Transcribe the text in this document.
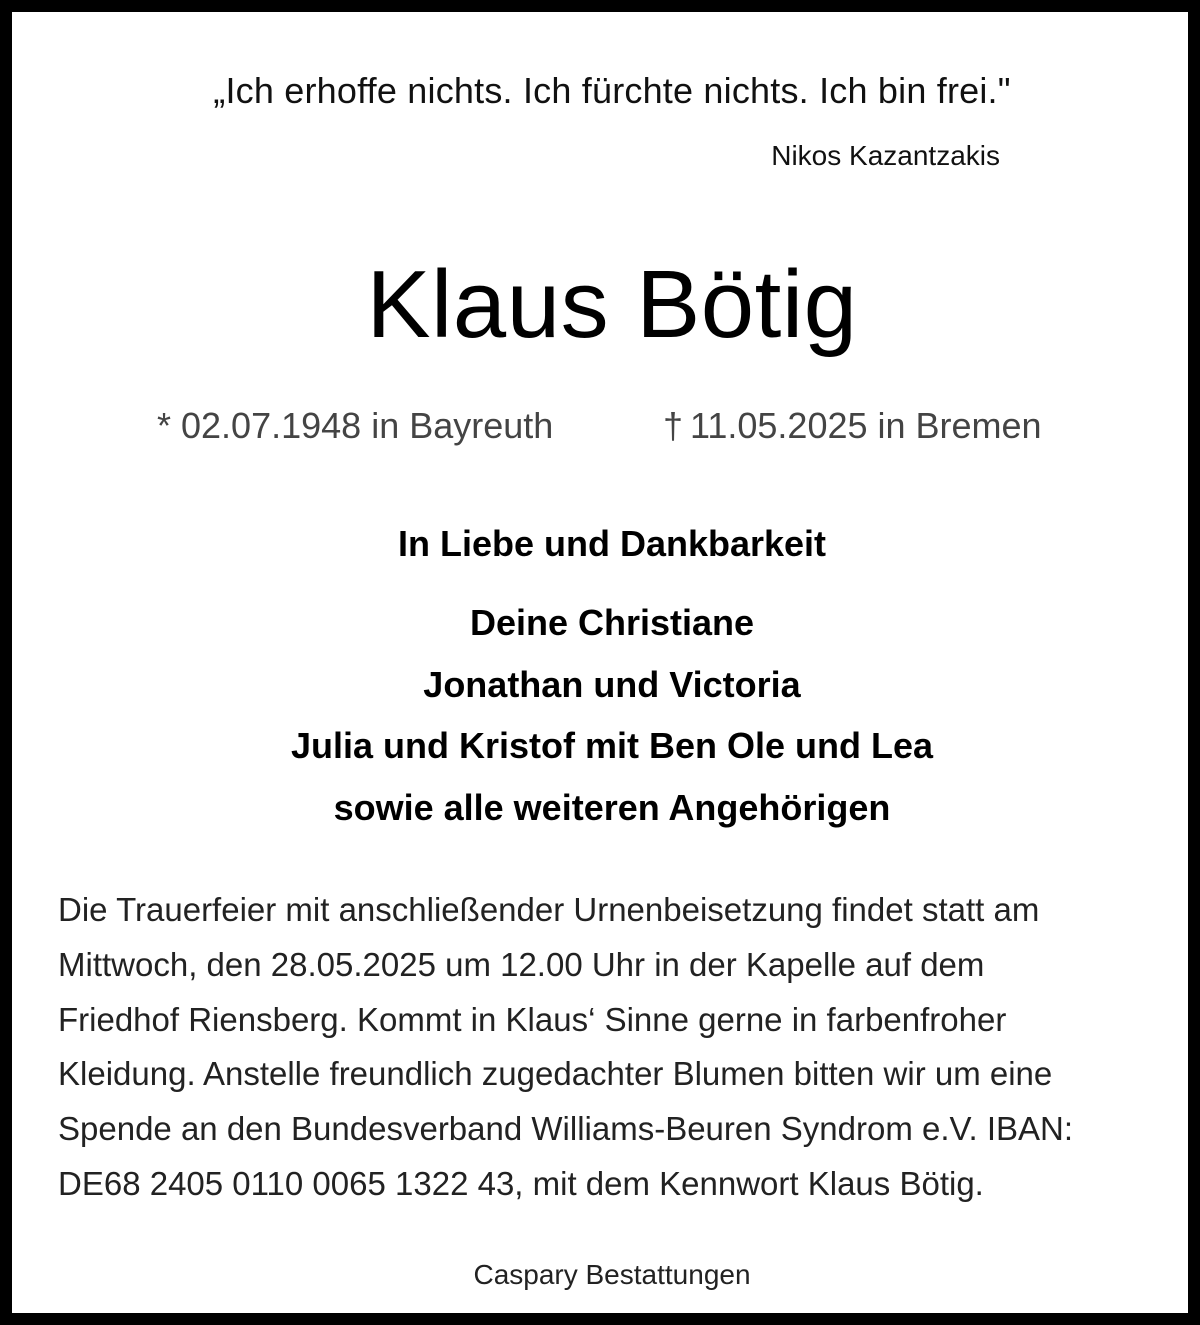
„Ich erhoffe nichts. Ich fürchte nichts. Ich bin frei."
Nikos Kazantzakis
Klaus Bötig
* 02.07.1948 in Bayreuth	† 11.05.2025 in Bremen
In Liebe und Dankbarkeit
Deine Christiane
Jonathan und Victoria
Julia und Kristof mit Ben Ole und Lea
sowie alle weiteren Angehörigen
Die Trauerfeier mit anschließender Urnenbeisetzung findet statt am
Mittwoch, den 28.05.2025 um 12.00 Uhr in der Kapelle auf dem
Friedhof Riensberg. Kommt in Klaus‘ Sinne gerne in farbenfroher
Kleidung. Anstelle freundlich zugedachter Blumen bitten wir um eine
Spende an den Bundesverband Williams-Beuren Syndrom e.V. IBAN:
DE68 2405 0110 0065 1322 43, mit dem Kennwort Klaus Bötig.
Caspary Bestattungen
